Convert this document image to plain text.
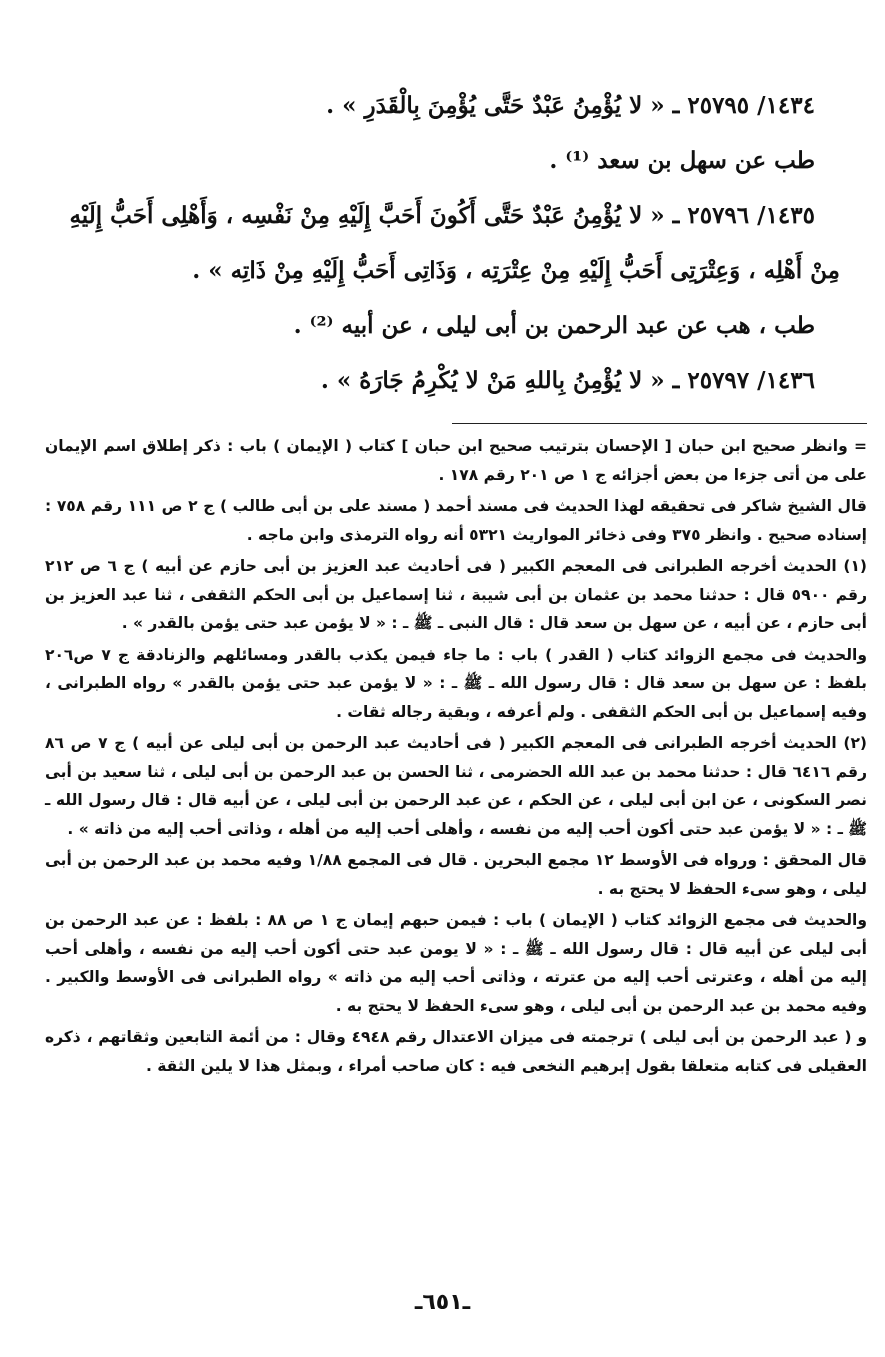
١٤٣٤/ ٢٥٧٩٥ ـ « لا يُؤْمِنُ عَبْدٌ حَتَّى يُؤْمِنَ بِالْقَدَرِ » .
طب عن سهل بن سعد ⁽¹⁾ .
١٤٣٥/ ٢٥٧٩٦ ـ « لا يُؤْمِنُ عَبْدٌ حَتَّى أَكُونَ أَحَبَّ إِلَيْهِ مِنْ نَفْسِه ، وَأَهْلِى أَحَبُّ إِلَيْهِ
مِنْ أَهْلِه ، وَعِتْرَتِى أَحَبُّ إِلَيْهِ مِنْ عِتْرَتِه ، وَذَاتِى أَحَبُّ إِلَيْهِ مِنْ ذَاتِه » .
طب ، هب عن عبد الرحمن بن أبى ليلى ، عن أبيه ⁽²⁾ .
١٤٣٦/ ٢٥٧٩٧ ـ « لا يُؤْمِنُ بِاللهِ مَنْ لا يُكْرِمُ جَارَهُ » .

= وانظر صحيح ابن حبان [ الإحسان بترتيب صحيح ابن حبان ] كتاب ( الإيمان ) باب : ذكر إطلاق اسم الإيمان على من أتى جزءا من بعض أجزائه ج ١ ص ٢٠١ رقم ١٧٨ .

قال الشيخ شاكر فى تحقيقه لهذا الحديث فى مسند أحمد ( مسند على بن أبى طالب ) ج ٢ ص ١١١ رقم ٧٥٨ : إسناده صحيح . وانظر ٣٧٥ وفى ذخائر المواريث ٥٣٢١ أنه رواه الترمذى وابن ماجه .

(١) الحديث أخرجه الطبرانى فى المعجم الكبير ( فى أحاديث عبد العزيز بن أبى حازم عن أبيه ) ج ٦ ص ٢١٢ رقم ٥٩٠٠ قال : حدثنا محمد بن عثمان بن أبى شيبة ، ثنا إسماعيل بن أبى الحكم الثقفى ، ثنا عبد العزيز بن أبى حازم ، عن أبيه ، عن سهل بن سعد قال : قال النبى ـ ﷺ ـ : « لا يؤمن عبد حتى يؤمن بالقدر » .

والحديث فى مجمع الزوائد كتاب ( القدر ) باب : ما جاء فيمن يكذب بالقدر ومسائلهم والزنادقة ج ٧ ص٢٠٦ بلفظ : عن سهل بن سعد قال : قال رسول الله ـ ﷺ ـ : « لا يؤمن عبد حتى يؤمن بالقدر » رواه الطبرانى ، وفيه إسماعيل بن أبى الحكم الثقفى . ولم أعرفه ، وبقية رجاله ثقات .

(٢) الحديث أخرجه الطبرانى فى المعجم الكبير ( فى أحاديث عبد الرحمن بن أبى ليلى عن أبيه ) ج ٧ ص ٨٦ رقم ٦٤١٦ قال : حدثنا محمد بن عبد الله الحضرمى ، ثنا الحسن بن عبد الرحمن بن أبى ليلى ، ثنا سعيد بن أبى نصر السكونى ، عن ابن أبى ليلى ، عن الحكم ، عن عبد الرحمن بن أبى ليلى ، عن أبيه قال : قال رسول الله ـ ﷺ ـ : « لا يؤمن عبد حتى أكون أحب إليه من نفسه ، وأهلى أحب إليه من أهله ، وذاتى أحب إليه من ذاته » .

قال المحقق : ورواه فى الأوسط ١٢ مجمع البحرين . قال فى المجمع ١/٨٨ وفيه محمد بن عبد الرحمن بن أبى ليلى ، وهو سىء الحفظ لا يحتج به .

والحديث فى مجمع الزوائد كتاب ( الإيمان ) باب : فيمن حبهم إيمان ج ١ ص ٨٨ : بلفظ : عن عبد الرحمن بن أبى ليلى عن أبيه قال : قال رسول الله ـ ﷺ ـ : « لا يومن عبد حتى أكون أحب إليه من نفسه ، وأهلى أحب إليه من أهله ، وعترتى أحب إليه من عترته ، وذاتى أحب إليه من ذاته » رواه الطبرانى فى الأوسط والكبير . وفيه محمد بن عبد الرحمن بن أبى ليلى ، وهو سىء الحفظ لا يحتج به .

و ( عبد الرحمن بن أبى ليلى ) ترجمته فى ميزان الاعتدال رقم ٤٩٤٨ وقال : من أئمة التابعين وثقاتهم ، ذكره العقيلى فى كتابه متعلقا بقول إبرهيم النخعى فيه : كان صاحب أمراء ، وبمثل هذا لا يلين الثقة .

ـ٦٥١ـ
